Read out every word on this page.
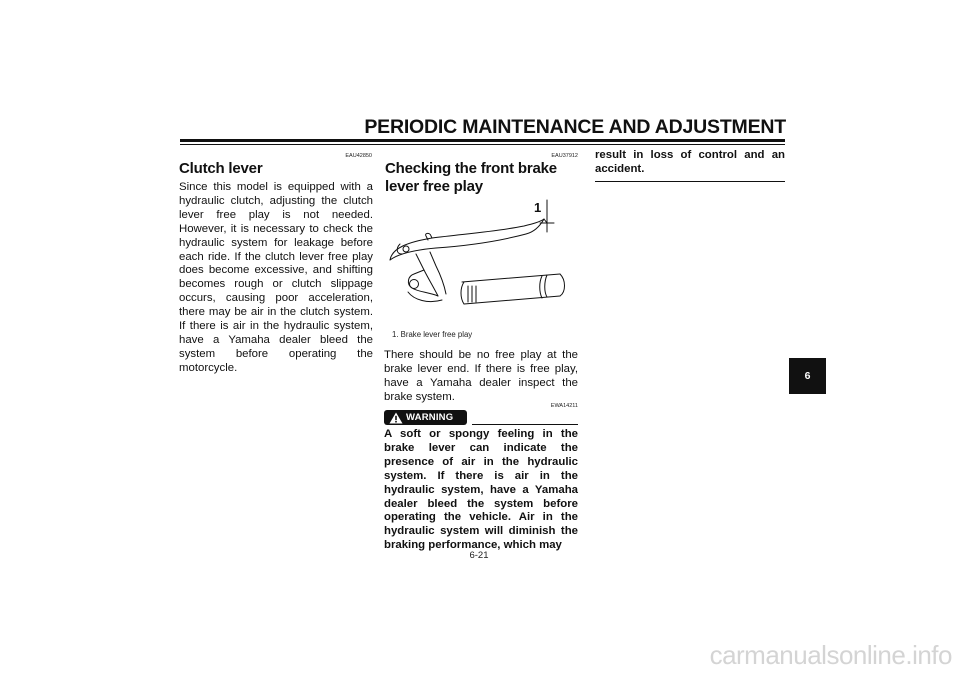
PERIODIC MAINTENANCE AND ADJUSTMENT
EAU42850
Clutch lever
Since this model is equipped with a hydraulic clutch, adjusting the clutch lever free play is not needed. However, it is necessary to check the hydraulic system for leakage before each ride. If the clutch lever free play does become excessive, and shifting becomes rough or clutch slippage occurs, causing poor acceleration, there may be air in the clutch system. If there is air in the hydraulic system, have a Yamaha dealer bleed the system before operating the motorcycle.
EAU37912
Checking the front brake lever free play
1
1. Brake lever free play
There should be no free play at the brake lever end. If there is free play, have a Yamaha dealer inspect the brake system.
WARNING
EWA14211
A soft or spongy feeling in the brake lever can indicate the presence of air in the hydraulic system. If there is air in the hydraulic system, have a Yamaha dealer bleed the system before operating the vehicle. Air in the hydraulic system will diminish the braking performance, which may
result in loss of control and an accident.
6-21
6
carmanualsonline.info
